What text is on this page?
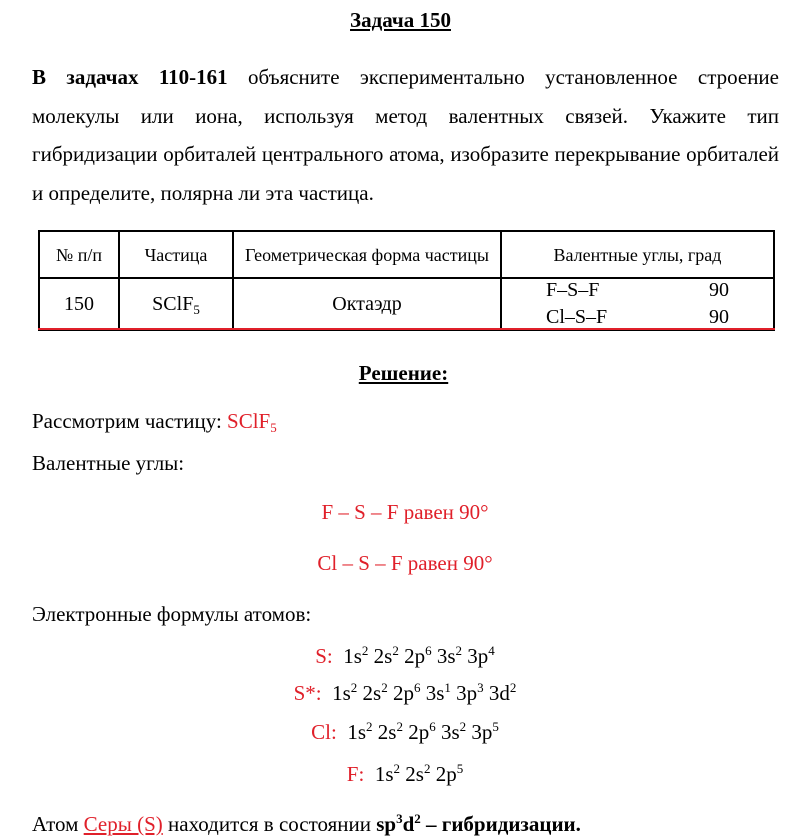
Задача 150
В задачах 110-161 объясните экспериментально установленное строение молекулы или иона, используя метод валентных связей. Укажите тип гибридизации орбиталей центрального атома, изобразите перекрывание орбиталей и определите, полярна ли эта частица.
№ п/п	Частица	Геометрическая форма частицы	Валентные углы, град
150	SClF$_5$	Октаэдр	F–S–F 90
Cl–S–F 90
Решение:
Рассмотрим частицу: SClF$_5$
Валентные углы:
F – S – F равен 90°
Cl – S – F равен 90°
Электронные формулы атомов:
S:  $1s^2$ $2s^2$ $2p^6$ $3s^2$ $3p^4$
S*:  $1s^2$ $2s^2$ $2p^6$ $3s^1$ $3p^3$ $3d^2$
Cl:  $1s^2$ $2s^2$ $2p^6$ $3s^2$ $3p^5$
F:  $1s^2$ $2s^2$ $2p^5$
Атом Серы (S) находится в состоянии $sp^3d^2$ – гибридизации.
